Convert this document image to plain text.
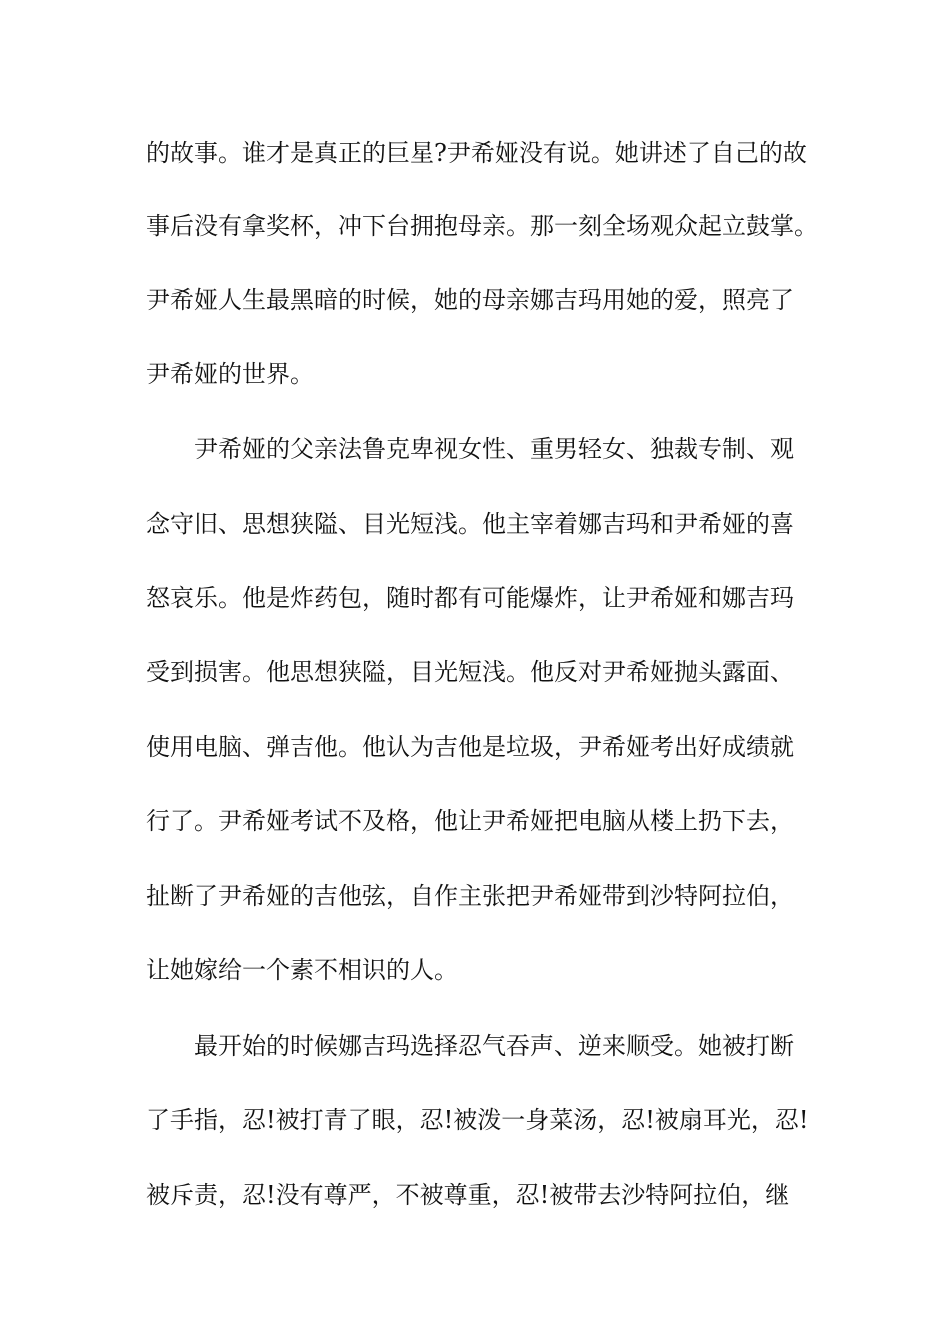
的故事。谁才是真正的巨星?尹希娅没有说。她讲述了自己的故
事后没有拿奖杯，冲下台拥抱母亲。那一刻全场观众起立鼓掌。
尹希娅人生最黑暗的时候，她的母亲娜吉玛用她的爱，照亮了
尹希娅的世界。
尹希娅的父亲法鲁克卑视女性、重男轻女、独裁专制、观
念守旧、思想狭隘、目光短浅。他主宰着娜吉玛和尹希娅的喜
怒哀乐。他是炸药包，随时都有可能爆炸，让尹希娅和娜吉玛
受到损害。他思想狭隘，目光短浅。他反对尹希娅抛头露面、
使用电脑、弹吉他。他认为吉他是垃圾，尹希娅考出好成绩就
行了。尹希娅考试不及格，他让尹希娅把电脑从楼上扔下去，
扯断了尹希娅的吉他弦，自作主张把尹希娅带到沙特阿拉伯，
让她嫁给一个素不相识的人。
最开始的时候娜吉玛选择忍气吞声、逆来顺受。她被打断
了手指，忍!被打青了眼，忍!被泼一身菜汤，忍!被扇耳光，忍!
被斥责，忍!没有尊严，不被尊重，忍!被带去沙特阿拉伯，继
